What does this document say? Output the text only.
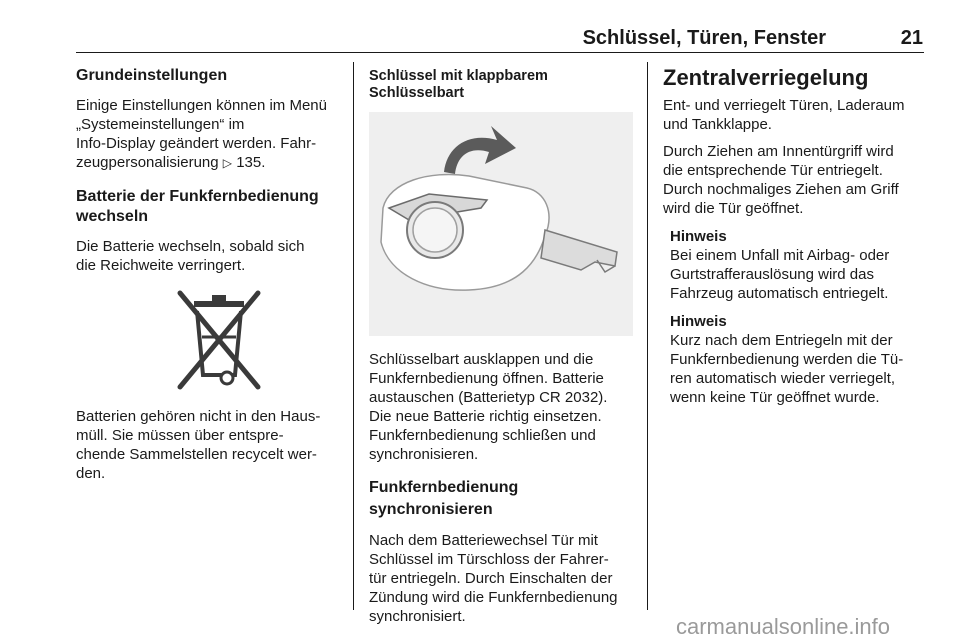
Schlüssel, Türen, Fenster	21
Grundeinstellungen
Einige Einstellungen können im Menü
„Systemeinstellungen“ im
Info-Display geändert werden. Fahr-
zeugpersonalisierung ▷ 135.
Batterie der Funkfernbedienung
wechseln
Die Batterie wechseln, sobald sich
die Reichweite verringert.
Batterien gehören nicht in den Haus-
müll. Sie müssen über entspre-
chende Sammelstellen recycelt wer-
den.
Schlüssel mit klappbarem
Schlüsselbart
Schlüsselbart ausklappen und die
Funkfernbedienung öffnen. Batterie
austauschen (Batterietyp CR 2032).
Die neue Batterie richtig einsetzen.
Funkfernbedienung schließen und
synchronisieren.
Funkfernbedienung
synchronisieren
Nach dem Batteriewechsel Tür mit
Schlüssel im Türschloss der Fahrer-
tür entriegeln. Durch Einschalten der
Zündung wird die Funkfernbedienung
synchronisiert.
Zentralverriegelung
Ent- und verriegelt Türen, Laderaum
und Tankklappe.
Durch Ziehen am Innentürgriff wird
die entsprechende Tür entriegelt.
Durch nochmaliges Ziehen am Griff
wird die Tür geöffnet.
Hinweis
Bei einem Unfall mit Airbag- oder
Gurtstrafferauslösung wird das
Fahrzeug automatisch entriegelt.
Hinweis
Kurz nach dem Entriegeln mit der
Funkfernbedienung werden die Tü-
ren automatisch wieder verriegelt,
wenn keine Tür geöffnet wurde.
carmanualsonline.info
